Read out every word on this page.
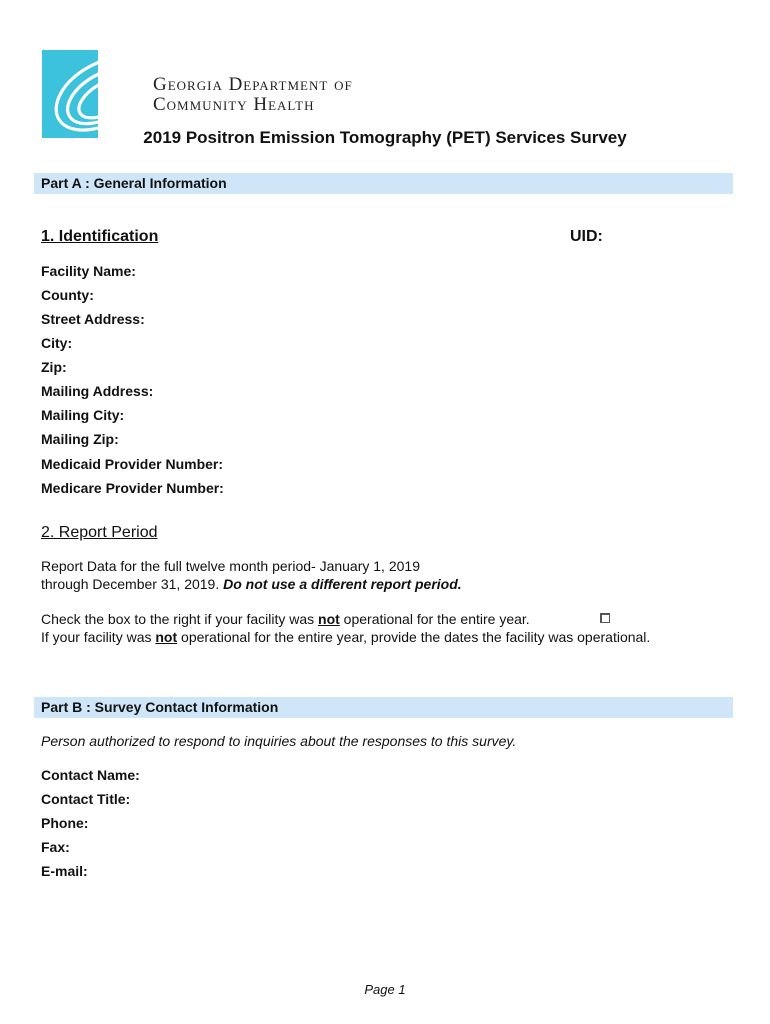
Georgia Department of
Community Health
2019 Positron Emission Tomography (PET) Services Survey
Part A : General Information
1. Identification	UID:
Facility Name:
County:
Street Address:
City:
Zip:
Mailing Address:
Mailing City:
Mailing Zip:
Medicaid Provider Number:
Medicare Provider Number:
2. Report Period
Report Data for the full twelve month period- January 1, 2019
through December 31, 2019. Do not use a different report period.
Check the box to the right if your facility was not operational for the entire year.
If your facility was not operational for the entire year, provide the dates the facility was operational.
Part B : Survey Contact Information
Person authorized to respond to inquiries about the responses to this survey.
Contact Name:
Contact Title:
Phone:
Fax:
E-mail:
Page 1
